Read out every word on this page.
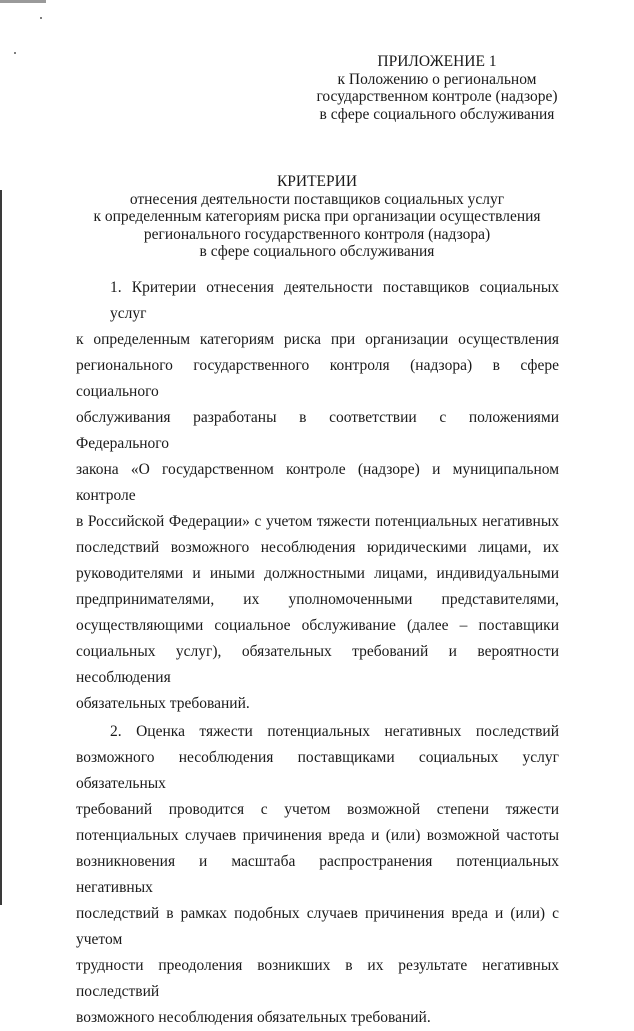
ПРИЛОЖЕНИЕ 1
к Положению о региональном
государственном контроле (надзоре)
в сфере социального обслуживания
КРИТЕРИИ
отнесения деятельности поставщиков социальных услуг
к определенным категориям риска при организации осуществления
регионального государственного контроля (надзора)
в сфере социального обслуживания
1. Критерии отнесения деятельности поставщиков социальных услуг
к определенным категориям риска при организации осуществления
регионального государственного контроля (надзора) в сфере социального
обслуживания разработаны в соответствии с положениями Федерального
закона «О государственном контроле (надзоре) и муниципальном контроле
в Российской Федерации» с учетом тяжести потенциальных негативных
последствий возможного несоблюдения юридическими лицами, их
руководителями и иными должностными лицами, индивидуальными
предпринимателями, их уполномоченными представителями,
осуществляющими социальное обслуживание (далее – поставщики
социальных услуг), обязательных требований и вероятности несоблюдения
обязательных требований.
2. Оценка тяжести потенциальных негативных последствий
возможного несоблюдения поставщиками социальных услуг обязательных
требований проводится с учетом возможной степени тяжести
потенциальных случаев причинения вреда и (или) возможной частоты
возникновения и масштаба распространения потенциальных негативных
последствий в рамках подобных случаев причинения вреда и (или) с учетом
трудности преодоления возникших в их результате негативных последствий
возможного несоблюдения обязательных требований.
